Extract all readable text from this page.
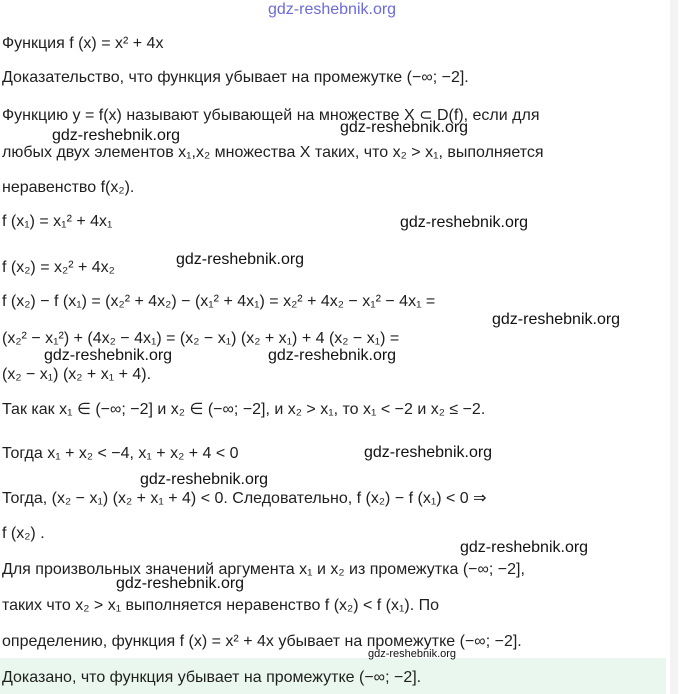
gdz-reshebnik.org
Функция f (x) = x² + 4x
Доказательство, что функция убывает на промежутке (−∞; −2].
Функцию y = f(x) называют убывающей на множестве X ⊂ D(f), если для
любых двух элементов x₁,x₂ множества X таких, что x₂ > x₁, выполняется
неравенство f(x₂).
f (x₁) = x₁² + 4x₁
f (x₂) = x₂² + 4x₂
f (x₂) − f (x₁) = (x₂² + 4x₂) − (x₁² + 4x₁) = x₂² + 4x₂ − x₁² − 4x₁ =
(x₂² − x₁²) + (4x₂ − 4x₁) = (x₂ − x₁) (x₂ + x₁) + 4 (x₂ − x₁) =
(x₂ − x₁) (x₂ + x₁ + 4).
Так как x₁ ∈ (−∞; −2] и x₂ ∈ (−∞; −2], и x₂ > x₁, то x₁ < −2 и x₂ ≤ −2.
Тогда x₁ + x₂ < −4, x₁ + x₂ + 4 < 0
Тогда, (x₂ − x₁) (x₂ + x₁ + 4) < 0. Следовательно, f (x₂) − f (x₁) < 0 ⇒
f (x₂) .
Для произвольных значений аргумента x₁ и x₂ из промежутка (−∞; −2],
таких что x₂ > x₁ выполняется неравенство f (x₂) < f (x₁). По
определению, функция f (x) = x² + 4x убывает на промежутке (−∞; −2].
Доказано, что функция убывает на промежутке (−∞; −2].
gdz-reshebnik.org	gdz-reshebnik.org
gdz-reshebnik.org
gdz-reshebnik.org
gdz-reshebnik.org
gdz-reshebnik.org	gdz-reshebnik.org
gdz-reshebnik.org
gdz-reshebnik.org
gdz-reshebnik.org
gdz-reshebnik.org
gdz-reshebnik.org
